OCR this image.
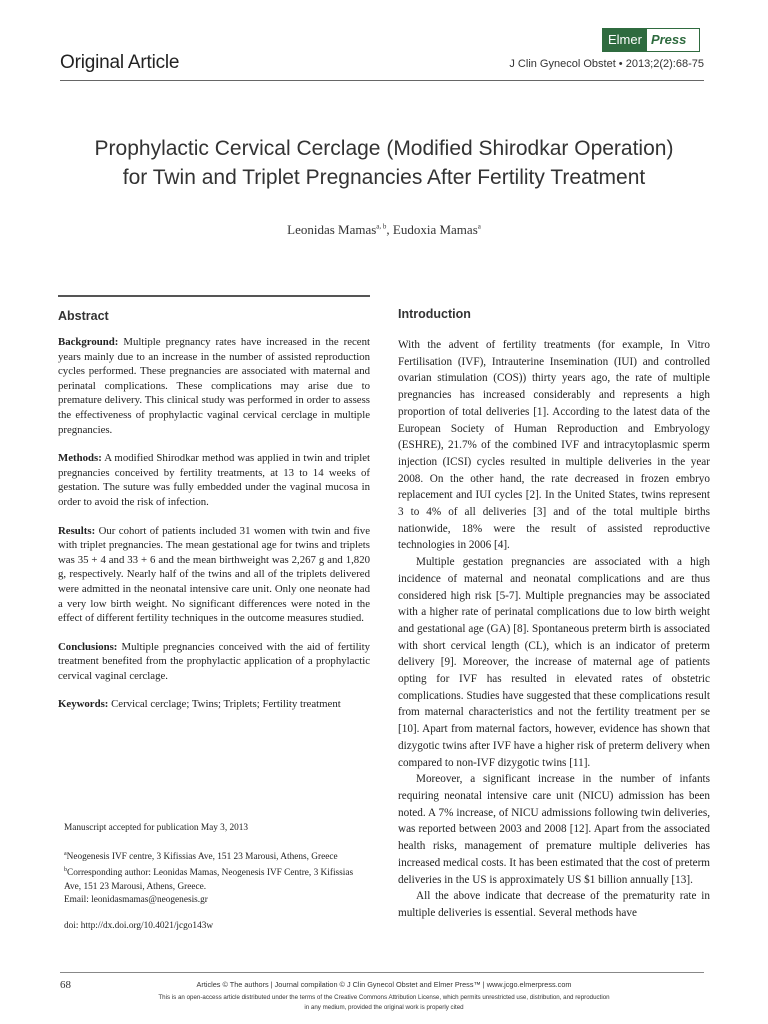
Elmer Press
Original Article	J Clin Gynecol Obstet • 2013;2(2):68-75
Prophylactic Cervical Cerclage (Modified Shirodkar Operation)
for Twin and Triplet Pregnancies After Fertility Treatment
Leonidas Mamas$^{a, b}$, Eudoxia Mamas$^a$
Abstract

Background: Multiple pregnancy rates have increased in the recent years mainly due to an increase in the number of assisted reproduction cycles performed. These pregnancies are associated with maternal and perinatal complications. These complications may arise due to premature delivery. This clinical study was performed in order to assess the effectiveness of prophylactic vaginal cervical cerclage in multiple pregnancies.

Methods: A modified Shirodkar method was applied in twin and triplet pregnancies conceived by fertility treatments, at 13 to 14 weeks of gestation. The suture was fully embedded under the vaginal mucosa in order to avoid the risk of infection.

Results: Our cohort of patients included 31 women with twin and five with triplet pregnancies. The mean gestational age for twins and triplets was 35 + 4 and 33 + 6 and the mean birthweight was 2,267 g and 1,820 g, respectively. Nearly half of the twins and all of the triplets delivered were admitted in the neonatal intensive care unit. Only one neonate had a very low birth weight. No significant differences were noted in the effect of different fertility techniques in the outcome measures studied.

Conclusions: Multiple pregnancies conceived with the aid of fertility treatment benefited from the prophylactic application of a prophylactic cervical vaginal cerclage.

Keywords: Cervical cerclage; Twins; Triplets; Fertility treatment

Manuscript accepted for publication May 3, 2013

$^a$Neogenesis IVF centre, 3 Kifissias Ave, 151 23 Marousi, Athens, Greece

$^b$Corresponding author: Leonidas Mamas, Neogenesis IVF Centre, 3 Kifissias Ave, 151 23 Marousi, Athens, Greece.

Email: leonidasmamas@neogenesis.gr

doi: http://dx.doi.org/10.4021/jcgo143w

Introduction

With the advent of fertility treatments (for example, In Vitro Fertilisation (IVF), Intrauterine Insemination (IUI) and controlled ovarian stimulation (COS)) thirty years ago, the rate of multiple pregnancies has increased considerably and represents a high proportion of total deliveries [1]. According to the latest data of the European Society of Human Reproduction and Embryology (ESHRE), 21.7% of the combined IVF and intracytoplasmic sperm injection (ICSI) cycles resulted in multiple deliveries in the year 2008. On the other hand, the rate decreased in frozen embryo replacement and IUI cycles [2]. In the United States, twins represent 3 to 4% of all deliveries [3] and of the total multiple births nationwide, 18% were the result of assisted reproductive technologies in 2006 [4].

Multiple gestation pregnancies are associated with a high incidence of maternal and neonatal complications and are thus considered high risk [5-7]. Multiple pregnancies may be associated with a higher rate of perinatal complications due to low birth weight and gestational age (GA) [8]. Spontaneous preterm birth is associated with short cervical length (CL), which is an indicator of preterm delivery [9]. Moreover, the increase of maternal age of patients opting for IVF has resulted in elevated rates of obstetric complications. Studies have suggested that these complications result from maternal characteristics and not the fertility treatment per se [10]. Apart from maternal factors, however, evidence has shown that dizygotic twins after IVF have a higher risk of preterm delivery when compared to non-IVF dizygotic twins [11].

Moreover, a significant increase in the number of infants requiring neonatal intensive care unit (NICU) admission has been noted. A 7% increase, of NICU admissions following twin deliveries, was reported between 2003 and 2008 [12]. Apart from the associated health risks, management of premature multiple deliveries has increased medical costs. It has been estimated that the cost of preterm deliveries in the US is approximately US $1 billion annually [13].

All the above indicate that decrease of the prematurity rate in multiple deliveries is essential. Several methods have

68	Articles © The authors | Journal compilation © J Clin Gynecol Obstet and Elmer Press™ | www.jcgo.elmerpress.com
This is an open-access article distributed under the terms of the Creative Commons Attribution License, which permits unrestricted use, distribution, and reproduction
in any medium, provided the original work is properly cited
